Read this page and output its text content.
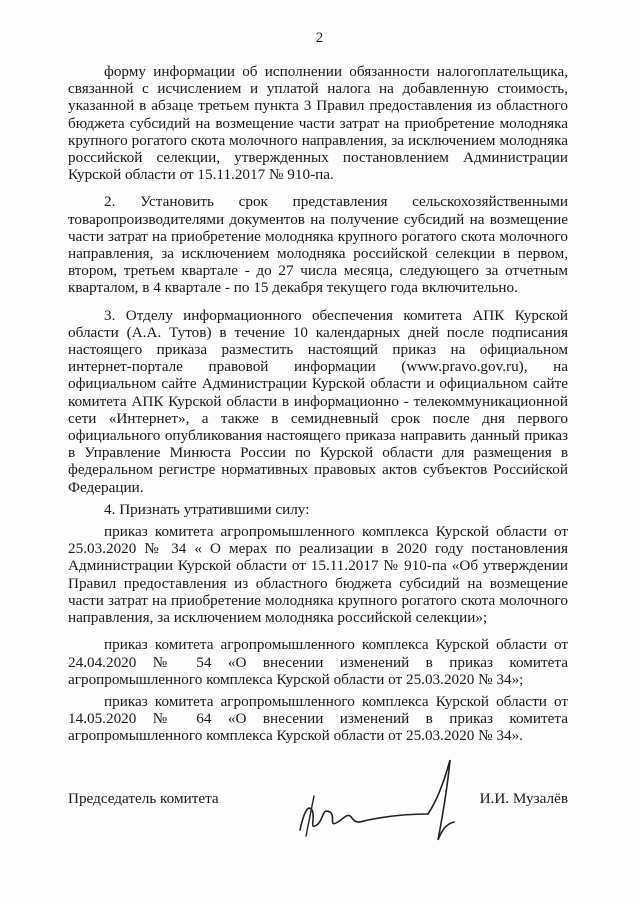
2

форму информации об исполнении обязанности налогоплательщика, связанной с исчислением и уплатой налога на добавленную стоимость, указанной в абзаце третьем пункта 3 Правил предоставления из областного бюджета субсидий на возмещение части затрат на приобретение молодняка крупного рогатого скота молочного направления, за исключением молодняка российской селекции, утвержденных постановлением Администрации Курской области от 15.11.2017 № 910-па.

2. Установить срок представления сельскохозяйственными товаропроизводителями документов на получение субсидий на возмещение части затрат на приобретение молодняка крупного рогатого скота молочного направления, за исключением молодняка российской селекции в первом, втором, третьем квартале - до 27 числа месяца, следующего за отчетным кварталом, в 4 квартале - по 15 декабря текущего года включительно.

3. Отделу информационного обеспечения комитета АПК Курской области (А.А. Тутов) в течение 10 календарных дней после подписания настоящего приказа разместить настоящий приказ на официальном интернет-портале правовой информации (www.pravo.gov.ru), на официальном сайте Администрации Курской области и официальном сайте комитета АПК Курской области в информационно - телекоммуникационной сети «Интернет», а также в семидневный срок после дня первого официального опубликования настоящего приказа направить данный приказ в Управление Минюста России по Курской области для размещения в федеральном регистре нормативных правовых актов субъектов Российской Федерации.

4. Признать утратившими силу:

приказ комитета агропромышленного комплекса Курской области от 25.03.2020 № 34 « О мерах по реализации в 2020 году постановления Администрации Курской области от 15.11.2017 № 910-па «Об утверждении Правил предоставления из областного бюджета субсидий на возмещение части затрат на приобретение молодняка крупного рогатого скота молочного направления, за исключением молодняка российской селекции»;

приказ комитета агропромышленного комплекса Курской области от 24.04.2020 № 54 «О внесении изменений в приказ комитета агропромышленного комплекса Курской области от 25.03.2020 № 34»;

приказ комитета агропромышленного комплекса Курской области от 14.05.2020 № 64 «О внесении изменений в приказ комитета агропромышленного комплекса Курской области от 25.03.2020 № 34».

Председатель комитета	И.И. Музалёв
